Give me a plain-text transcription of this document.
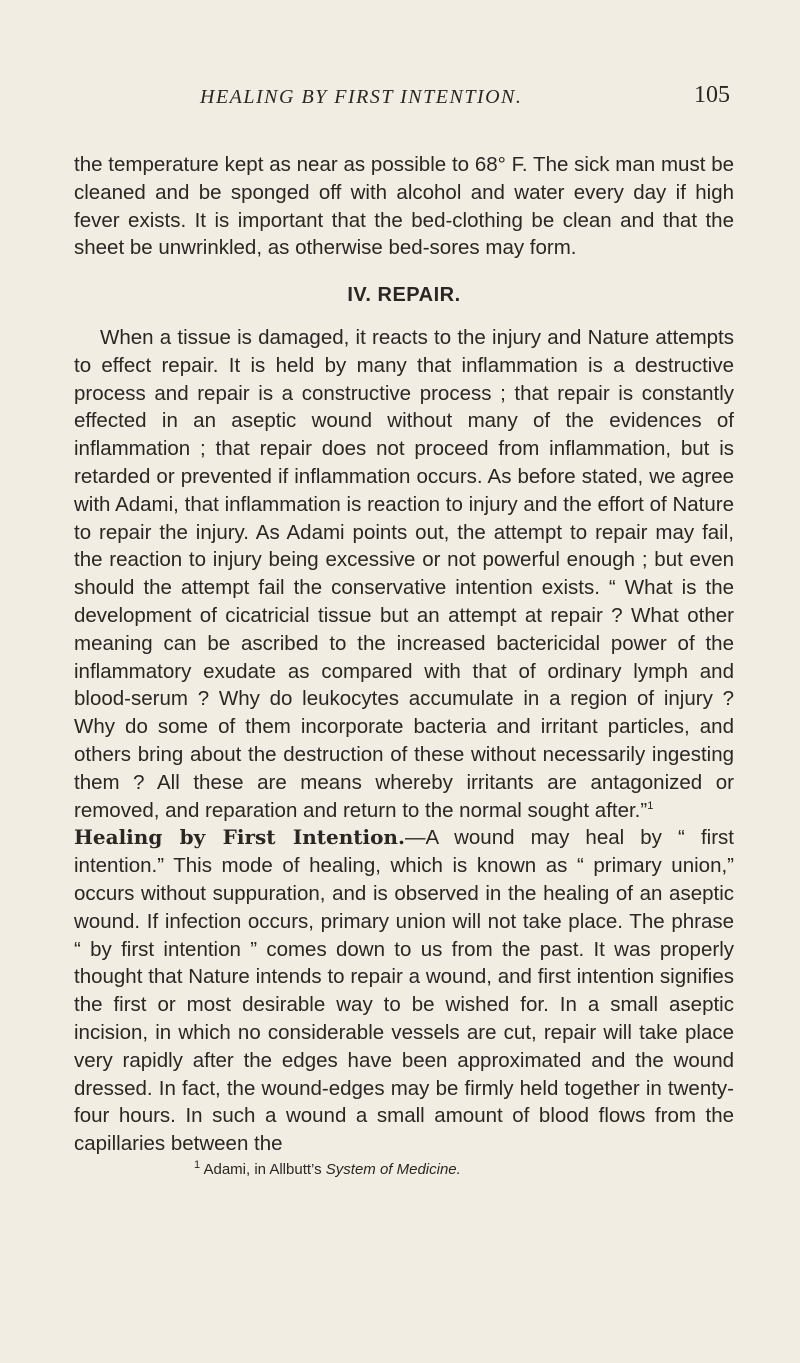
HEALING BY FIRST INTENTION.	105

the temperature kept as near as possible to 68° F. The sick man must be cleaned and be sponged off with alcohol and water every day if high fever exists. It is important that the bed-clothing be clean and that the sheet be unwrinkled, as otherwise bed-sores may form.

IV. REPAIR.

When a tissue is damaged, it reacts to the injury and Nature attempts to effect repair. It is held by many that inflammation is a destructive process and repair is a constructive process ; that repair is constantly effected in an aseptic wound without many of the evidences of inflammation ; that repair does not proceed from inflammation, but is retarded or prevented if inflammation occurs. As before stated, we agree with Adami, that inflammation is reaction to injury and the effort of Nature to repair the injury. As Adami points out, the attempt to repair may fail, the reaction to injury being excessive or not powerful enough ; but even should the attempt fail the conservative intention exists. “ What is the development of cicatricial tissue but an attempt at repair ? What other meaning can be ascribed to the increased bactericidal power of the inflammatory exudate as compared with that of ordinary lymph and blood-serum ? Why do leukocytes accumulate in a region of injury ? Why do some of them incorporate bacteria and irritant particles, and others bring about the destruction of these without necessarily ingesting them ? All these are means whereby irritants are antagonized or removed, and reparation and return to the normal sought after.”$^1$

Healing by First Intention.—A wound may heal by “ first intention.” This mode of healing, which is known as “ primary union,” occurs without suppuration, and is observed in the healing of an aseptic wound. If infection occurs, primary union will not take place. The phrase “ by first intention ” comes down to us from the past. It was properly thought that Nature intends to repair a wound, and first intention signifies the first or most desirable way to be wished for. In a small aseptic incision, in which no considerable vessels are cut, repair will take place very rapidly after the edges have been approximated and the wound dressed. In fact, the wound-edges may be firmly held together in twenty-four hours. In such a wound a small amount of blood flows from the capillaries between the

$^1$ Adami, in Allbutt’s System of Medicine.
